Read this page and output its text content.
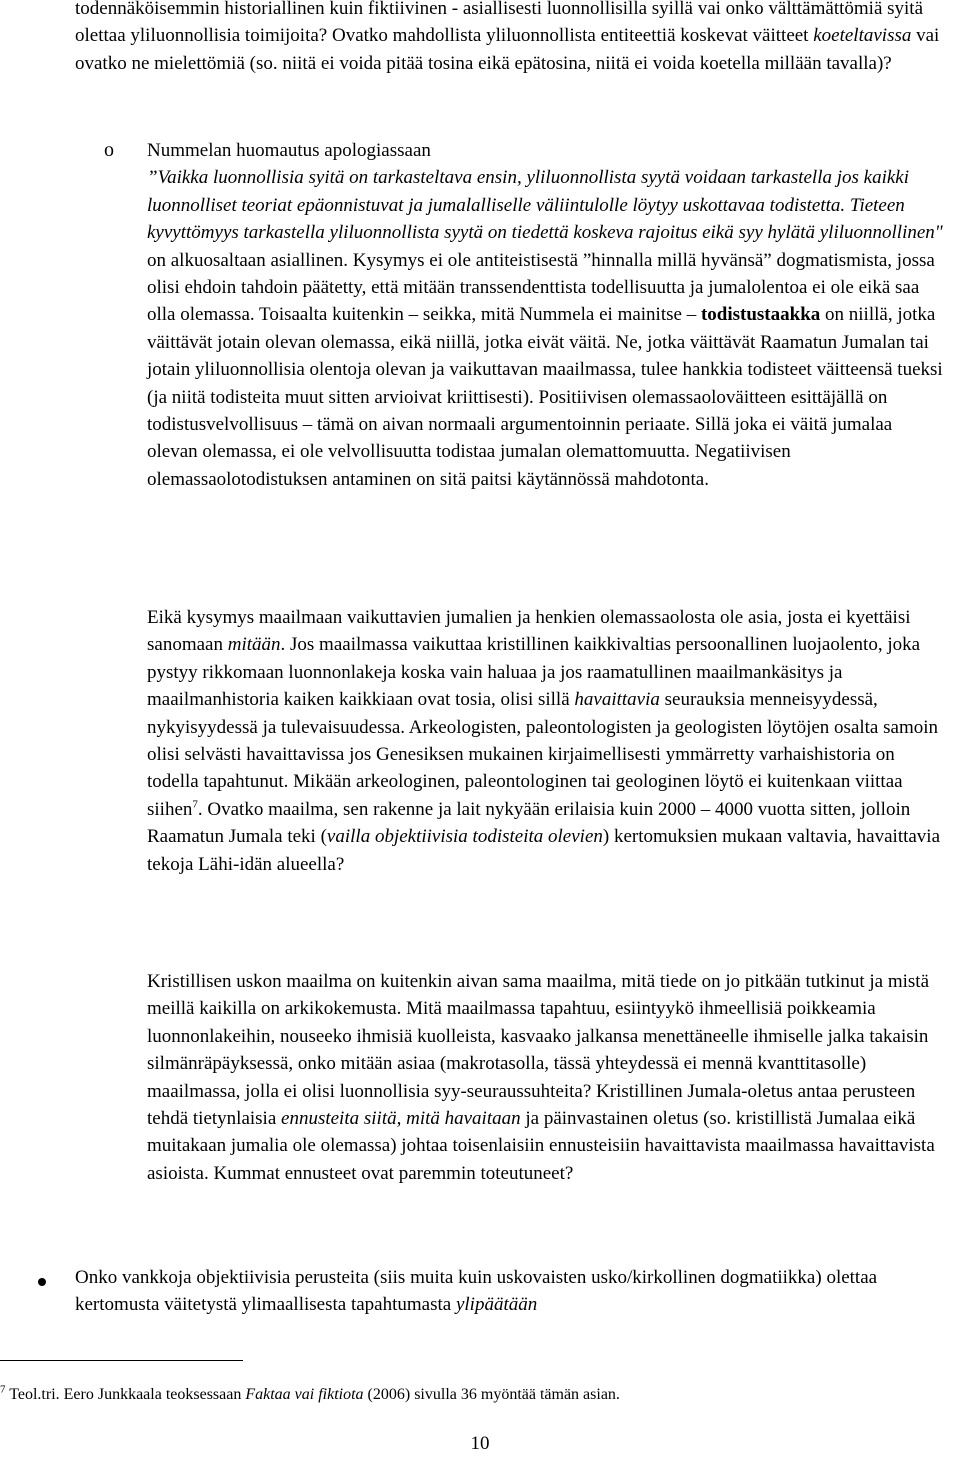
todennäköisemmin historiallinen kuin fiktiivinen - asiallisesti luonnollisilla syillä vai onko välttämättömiä syitä olettaa yliluonnollisia toimijoita? Ovatko mahdollista yliluonnollista entiteettiä koskevat väitteet koeteltavissa vai ovatko ne mielettömiä (so. niitä ei voida pitää tosina eikä epätosina, niitä ei voida koetella millään tavalla)?

o Nummelan huomautus apologiassaan
”Vaikka luonnollisia syitä on tarkasteltava ensin, yliluonnollista syytä voidaan tarkastella jos kaikki luonnolliset teoriat epäonnistuvat ja jumalalliselle väliintulolle löytyy uskottavaa todistetta. Tieteen kyvyttömyys tarkastella yliluonnollista syytä on tiedettä koskeva rajoitus eikä syy hylätä yliluonnollinen"
on alkuosaltaan asiallinen. Kysymys ei ole antiteistisestä ”hinnalla millä hyvänsä” dogmatismista, jossa olisi ehdoin tahdoin päätetty, että mitään transsendenttista todellisuutta ja jumalolentoa ei ole eikä saa olla olemassa. Toisaalta kuitenkin – seikka, mitä Nummela ei mainitse – todistustaakka on niillä, jotka väittävät jotain olevan olemassa, eikä niillä, jotka eivät väitä. Ne, jotka väittävät Raamatun Jumalan tai jotain yliluonnollisia olentoja olevan ja vaikuttavan maailmassa, tulee hankkia todisteet väitteensä tueksi (ja niitä todisteita muut sitten arvioivat kriittisesti). Positiivisen olemassaoloväitteen esittäjällä on todistusvelvollisuus – tämä on aivan normaali argumentoinnin periaate. Sillä joka ei väitä jumalaa olevan olemassa, ei ole velvollisuutta todistaa jumalan olemattomuutta. Negatiivisen olemassaolotodistuksen antaminen on sitä paitsi käytännössä mahdotonta.

Eikä kysymys maailmaan vaikuttavien jumalien ja henkien olemassaolosta ole asia, josta ei kyettäisi sanomaan mitään. Jos maailmassa vaikuttaa kristillinen kaikkivaltias persoonallinen luojaolento, joka pystyy rikkomaan luonnonlakeja koska vain haluaa ja jos raamatullinen maailmankäsitys ja maailmanhistoria kaiken kaikkiaan ovat tosia, olisi sillä havaittavia seurauksia menneisyydessä, nykyisyydessä ja tulevaisuudessa. Arkeologisten, paleontologisten ja geologisten löytöjen osalta samoin olisi selvästi havaittavissa jos Genesiksen mukainen kirjaimellisesti ymmärretty varhaishistoria on todella tapahtunut. Mikään arkeologinen, paleontologinen tai geologinen löytö ei kuitenkaan viittaa siihen$^7$. Ovatko maailma, sen rakenne ja lait nykyään erilaisia kuin 2000 – 4000 vuotta sitten, jolloin Raamatun Jumala teki (vailla objektiivisia todisteita olevien) kertomuksien mukaan valtavia, havaittavia tekoja Lähi-idän alueella?

Kristillisen uskon maailma on kuitenkin aivan sama maailma, mitä tiede on jo pitkään tutkinut ja mistä meillä kaikilla on arkikokemusta. Mitä maailmassa tapahtuu, esiintyykö ihmeellisiä poikkeamia luonnonlakeihin, nouseeko ihmisiä kuolleista, kasvaako jalkansa menettäneelle ihmiselle jalka takaisin silmänräpäyksessä, onko mitään asiaa (makrotasolla, tässä yhteydessä ei mennä kvanttitasolle) maailmassa, jolla ei olisi luonnollisia syy-seuraussuhteita? Kristillinen Jumala-oletus antaa perusteen tehdä tietynlaisia ennusteita siitä, mitä havaitaan ja päinvastainen oletus (so. kristillistä Jumalaa eikä muitakaan jumalia ole olemassa) johtaa toisenlaisiin ennusteisiin havaittavista maailmassa havaittavista asioista. Kummat ennusteet ovat paremmin toteutuneet?

Onko vankkoja objektiivisia perusteita (siis muita kuin uskovaisten usko/kirkollinen dogmatiikka) olettaa kertomusta väitetystä ylimaallisesta tapahtumasta ylipäätään

$^7$ Teol.tri. Eero Junkkaala teoksessaan Faktaa vai fiktiota (2006) sivulla 36 myöntää tämän asian.

10
